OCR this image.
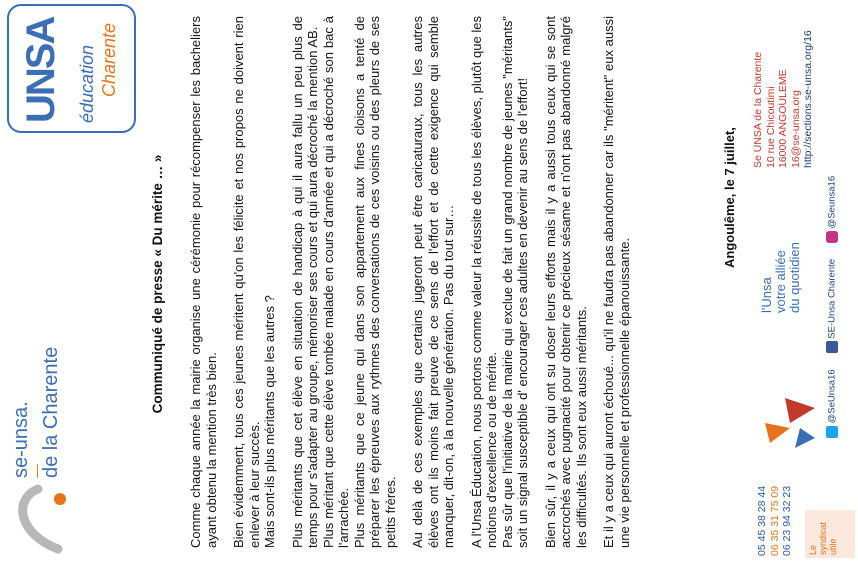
se-unsa.
—
de la Charente
UNSA éducation Charente
Communiqué de presse « Du mérite … » Comme chaque année la mairie organise une cérémonie pour récompenser les bacheliers ayant obtenu la mention très bien. Bien évidemment, tous ces jeunes méritent qu'on les félicite et nos propos ne doivent rien enlever à leur succès.
Mais sont-ils plus méritants que les autres ?

Plus méritants que cet élève en situation de handicap à qui il aura fallu un peu plus de temps pour s'adapter au groupe, mémoriser ses cours et qui aura décroché la mention AB.
Plus méritant que cette élève tombée malade en cours d'année et qui a décroché son bac à l'arrachée.
Plus méritants que ce jeune qui dans son appartement aux fines cloisons a tenté de préparer les épreuves aux rythmes des conversations de ces voisins ou des pleurs de ses petits frères. Au delà de ces exemples que certains jugeront peut être caricaturaux, tous les autres élèves ont ils moins fait preuve de ce sens de l'effort et de cette exigence qui semble manquer, dit-on, à la nouvelle génération. Pas du tout sur… A l'Unsa Éducation, nous portons comme valeur la réussite de tous les élèves, plutôt que les notions d'excellence ou de mérite.
Pas sûr que l'initiative de la mairie qui exclue de fait un grand nombre de jeunes "méritants" soit un signal susceptible d' encourager ces adultes en devenir au sens de l'effort! Bien sûr, il y a ceux qui ont su doser leurs efforts mais il y a aussi tous ceux qui se sont accrochés avec pugnacité pour obtenir ce précieux sésame et n'ont pas abandonné malgré les difficultés. Ils sont eux aussi méritants. Et il y a ceux qui auront échoué... qu'il ne faudra pas abandonner car ils "méritent" eux aussi une vie personnelle et professionnelle épanouissante.

Angoulême, le 7 juillet,
05 45 38 28 44 06 35 31 75 09 06 23 94 32 23 Le syndicat utile
@SeUnsa16
SE-Unsa Charente
@Seunsa16
l'Unsa votre alliée du quotidien
Se UNSA de la Charente 10 rue Chicoutimi 16000 ANGOULEME 16@se-unsa.org http://sections.se-unsa.org/16
